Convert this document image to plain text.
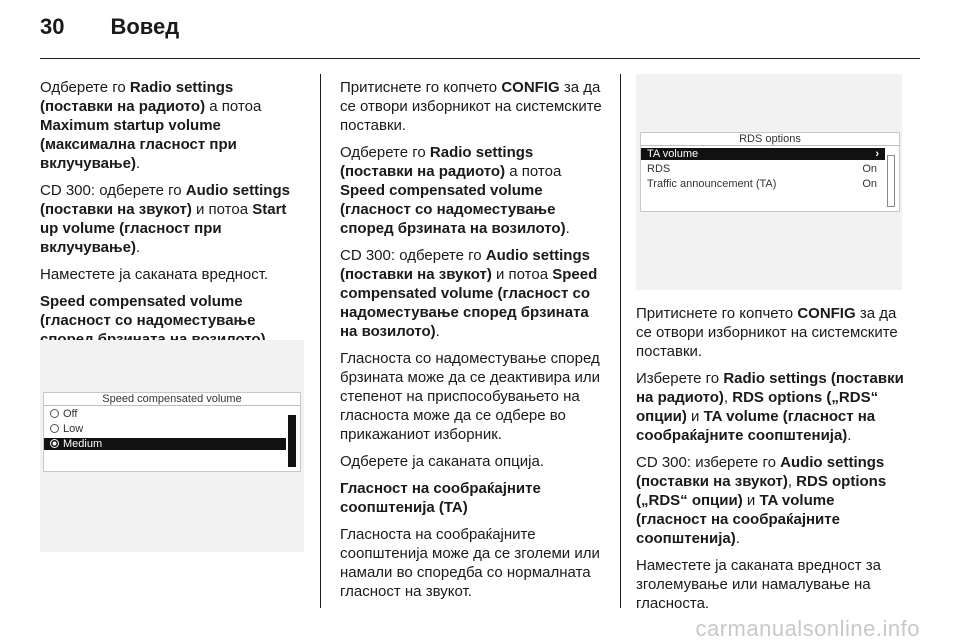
30 Вовед

Одберете го Radio settings (поставки на радиото) а потоа Maximum startup volume (максимална гласност при вклучување).

CD 300: одберете го Audio settings (поставки на звукот) и потоа Start up volume (гласност при вклучување).

Наместете ја саканата вредност.

Speed compensated volume (гласност со надоместување

Speed compensated volume
Off
Low
Medium

Притиснете го копчето CONFIG за да се отвори изборникот на системските поставки.

Одберете го Radio settings (поставки на радиото) а потоа Speed compensated volume (гласност со надоместување според брзината на возилото).

CD 300: одберете го Audio settings (поставки на звукот) и потоа Speed compensated volume (гласност со надоместување според брзината на возилото).

Гласноста со надоместување според брзината може да се деактивира или степенот на приспособувањето на гласноста може да се одбере во прикажаниот изборник.

Одберете ја саканата опција.

Гласност на сообраќајните соопштенија (TA)

Гласноста на сообраќајните соопштенија може да се зголеми или намали во споредба со нормалната гласност на звукот.

RDS options
TA volume	›
RDS	On
Traffic announcement (TA)	On

Притиснете го копчето CONFIG за да се отвори изборникот на системските поставки.

Изберете го Radio settings (поставки на радиото), RDS options („RDS“ опции) и TA volume (гласност на сообраќајните соопштенија).

CD 300: изберете го Audio settings (поставки на звукот), RDS options („RDS“ опции) и TA volume (гласност на сообраќајните соопштенија).

Наместете ја саканата вредност за зголемување или намалување на гласноста.

carmanualsonline.info
